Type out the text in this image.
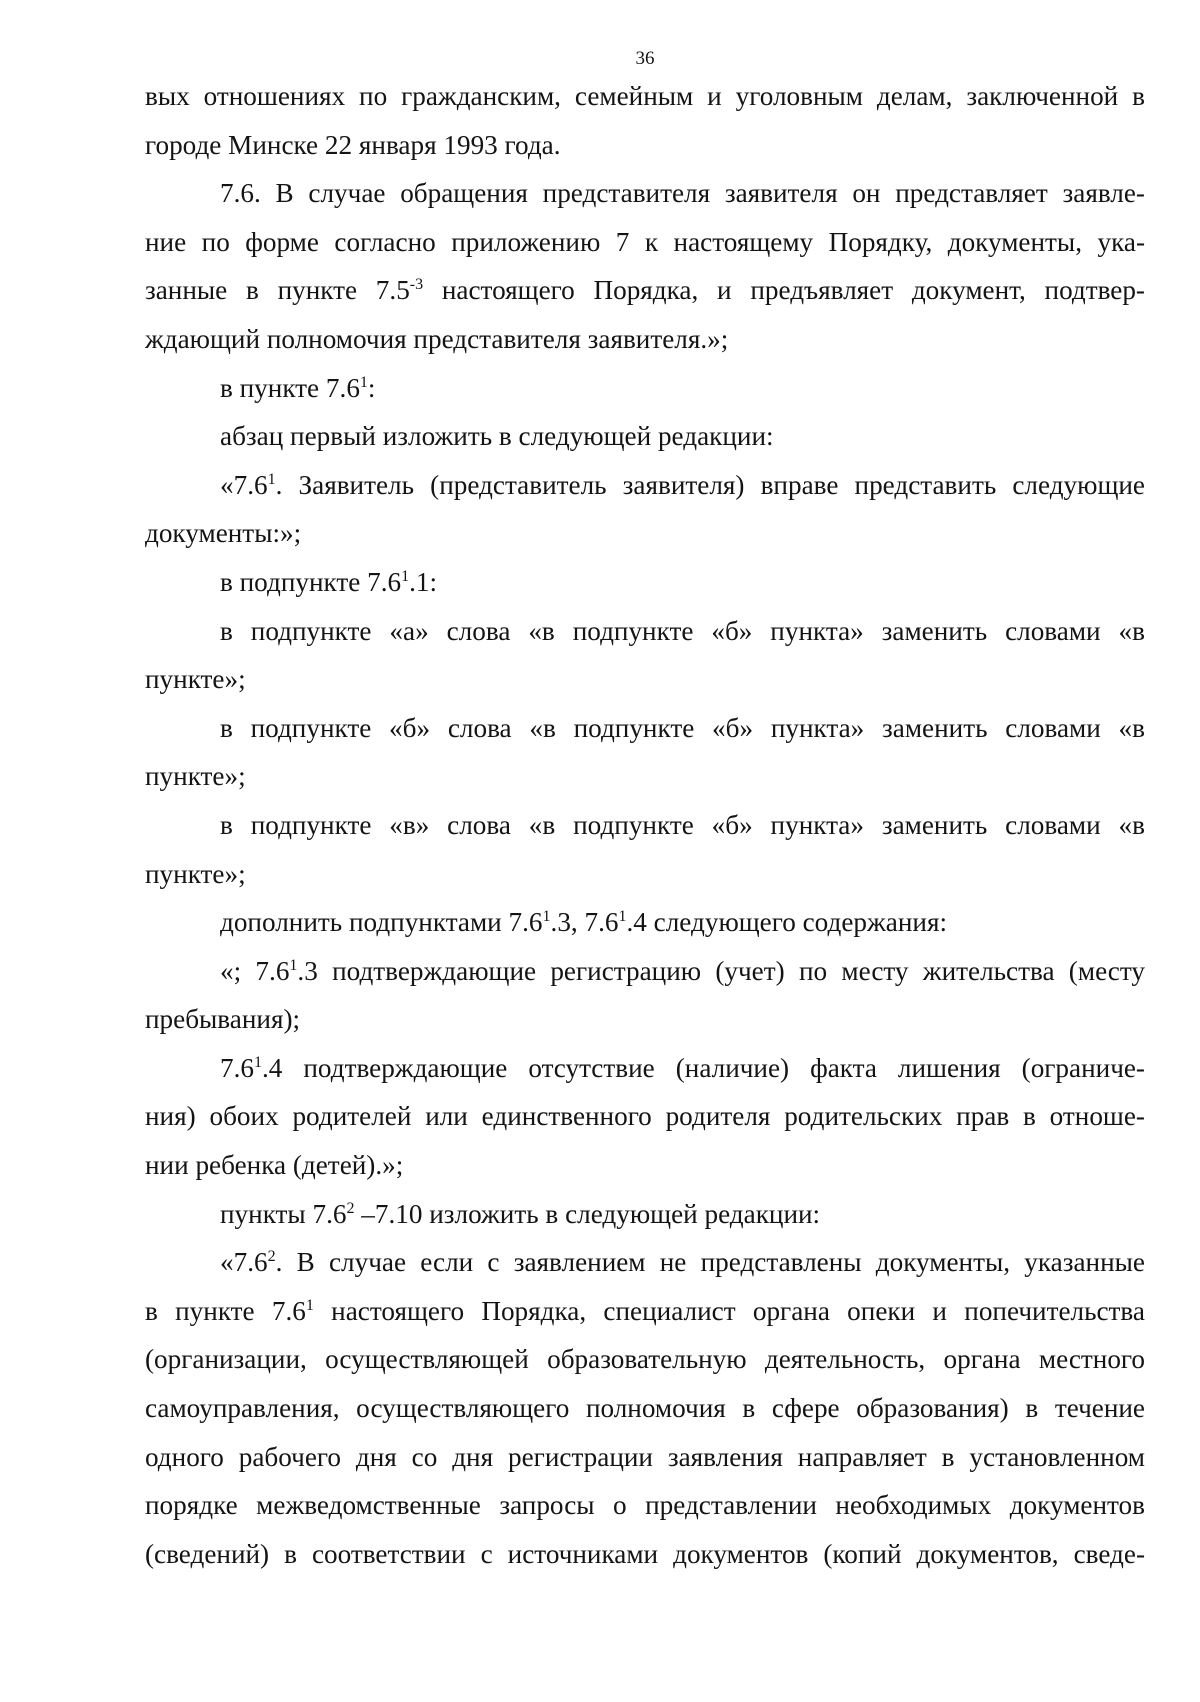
36
вых отношениях по гражданским, семейным и уголовным делам, заключенной в
городе Минске 22 января 1993 года.
7.6. В случае обращения представителя заявителя он представляет заявле-
ние по форме согласно приложению 7 к настоящему Порядку, документы, ука-
занные в пункте $7.5^{-3}$ настоящего Порядка, и предъявляет документ, подтвер-
ждающий полномочия представителя заявителя.»;
в пункте $7.6^1$:
абзац первый изложить в следующей редакции:
«$7.6^1$. Заявитель (представитель заявителя) вправе представить следующие
документы:»;
в подпункте $7.6^1.1$:
в подпункте «а» слова «в подпункте «б» пункта» заменить словами «в
пункте»;
в подпункте «б» слова «в подпункте «б» пункта» заменить словами «в
пункте»;
в подпункте «в» слова «в подпункте «б» пункта» заменить словами «в
пункте»;
дополнить подпунктами $7.6^1.3$, $7.6^1.4$ следующего содержания:
«; $7.6^1.3$ подтверждающие регистрацию (учет) по месту жительства (месту
пребывания);
$7.6^1.4$ подтверждающие отсутствие (наличие) факта лишения (ограниче-
ния) обоих родителей или единственного родителя родительских прав в отноше-
нии ребенка (детей).»;
пункты $7.6^2$ –7.10 изложить в следующей редакции:
«$7.6^2$. В случае если с заявлением не представлены документы, указанные
в пункте $7.6^1$ настоящего Порядка, специалист органа опеки и попечительства
(организации, осуществляющей образовательную деятельность, органа местного
самоуправления, осуществляющего полномочия в сфере образования) в течение
одного рабочего дня со дня регистрации заявления направляет в установленном
порядке межведомственные запросы о представлении необходимых документов
(сведений) в соответствии с источниками документов (копий документов, сведе-
